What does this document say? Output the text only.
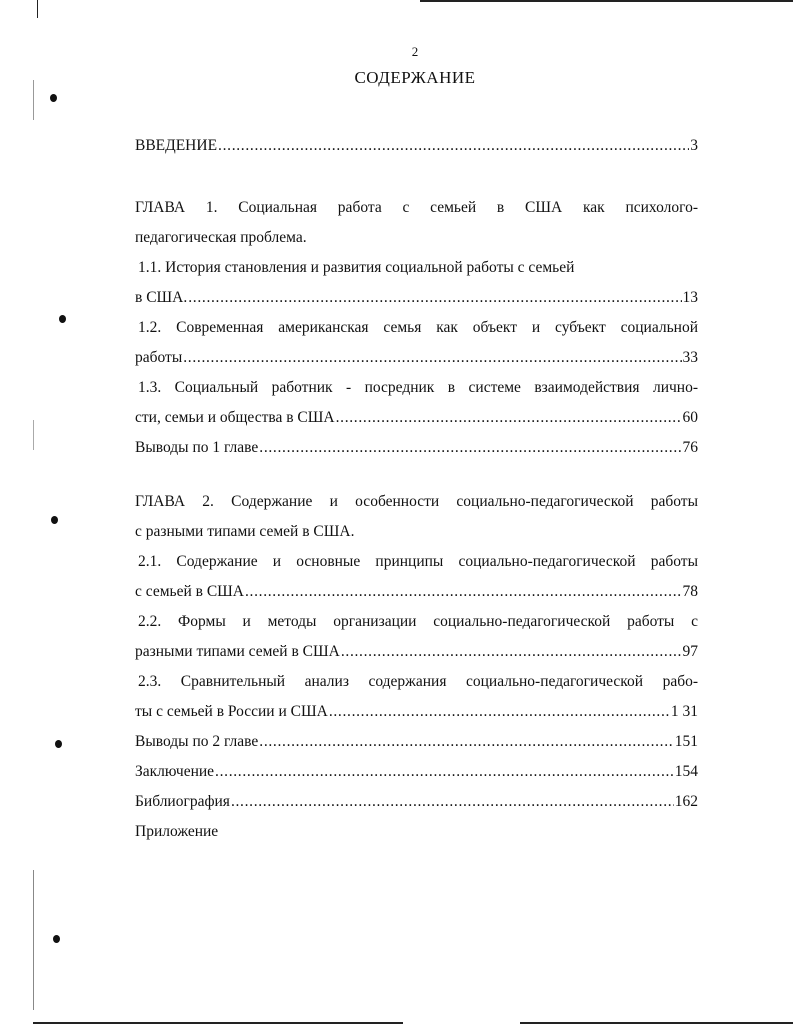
2
СОДЕРЖАНИЕ
ВВЕДЕНИЕ . . .	3
ГЛАВА 1. Социальная работа с семьей в США как психолого-
педагогическая проблема.
1.1. История становления и развития социальной работы с семьей
в США. . . .	13
1.2. Современная американская семья как объект и субъект социальной
работы . . .	33
1.3. Социальный работник - посредник в системе взаимодействия лично-
сти, семьи и общества в США . . .	60
Выводы по 1 главе . . .	76
ГЛАВА 2. Содержание и особенности социально-педагогической работы
с разными типами семей в США.
2.1. Содержание и основные принципы социально-педагогической работы
с семьей в США . . .	78
2.2. Формы и методы организации социально-педагогической работы с
разными типами семей в США . . .	97
2.3. Сравнительный анализ содержания социально-педагогической рабо-
ты с семьей в России и США . . .	1 31
Выводы по 2 главе . . .	151
Заключение . . .	154
Библиография . . .	162
Приложение
